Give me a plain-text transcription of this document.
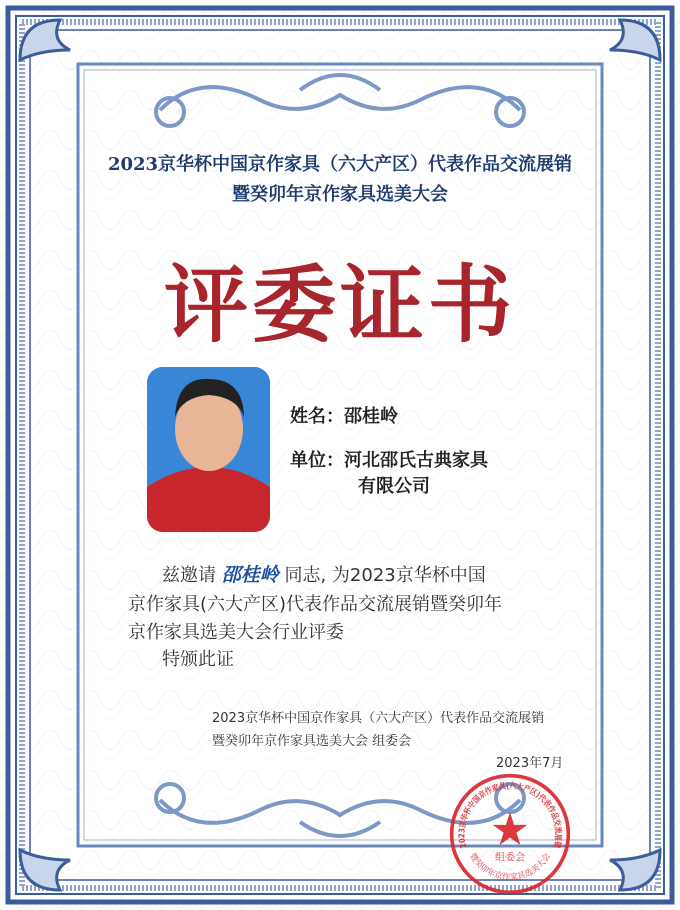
2023京华杯中国京作家具（六大产区）代表作品交流展销
暨癸卯年京作家具选美大会
评委证书
姓名：邵桂岭
单位：河北邵氏古典家具
有限公司
兹邀请 邵桂岭 同志, 为2023京华杯中国
京作家具(六大产区)代表作品交流展销暨癸卯年
京作家具选美大会行业评委
特颁此证
2023京华杯中国京作家具（六大产区）代表作品交流展销
暨癸卯年京作家具选美大会 组委会
2023年7月
2023京华杯中国京作家具(六大产区)代表作品交流展销
暨癸卯年京作家具选美大会
组委会
